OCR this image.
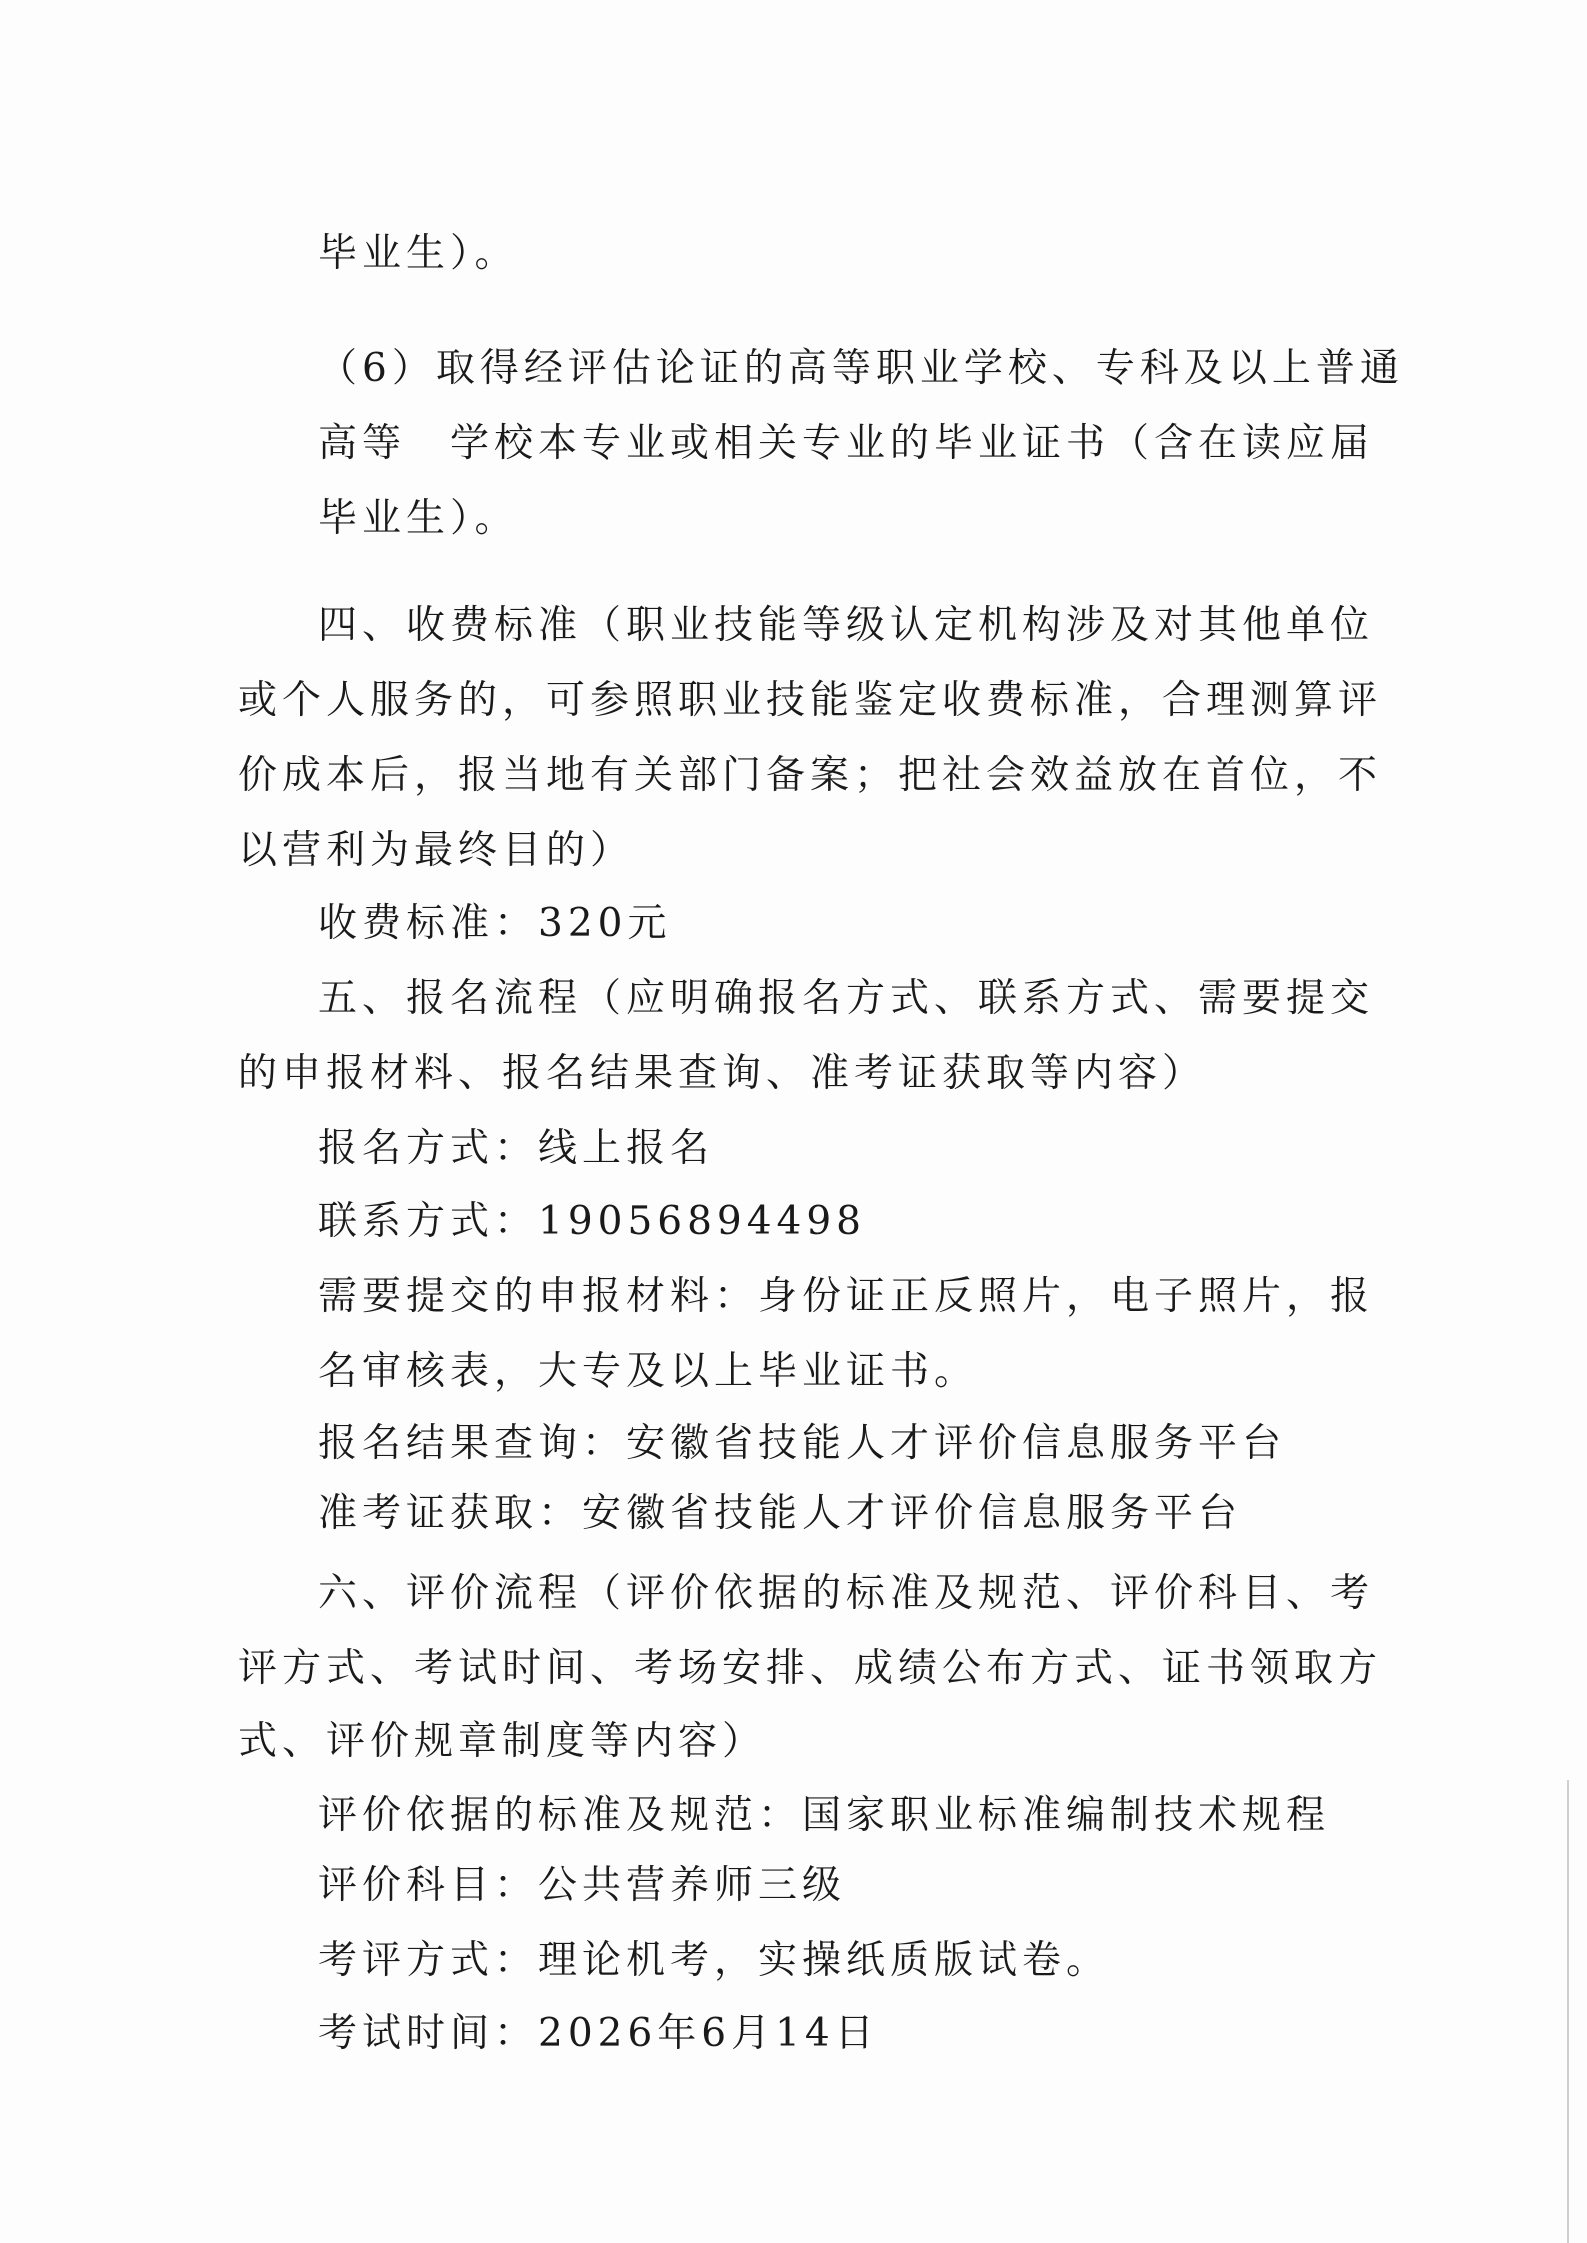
毕业生）。
（6）取得经评估论证的高等职业学校、专科及以上普通
高等　学校本专业或相关专业的毕业证书（含在读应届
毕业生）。
四、收费标准（职业技能等级认定机构涉及对其他单位
或个人服务的，可参照职业技能鉴定收费标准，合理测算评
价成本后，报当地有关部门备案；把社会效益放在首位，不
以营利为最终目的）
收费标准：320元
五、报名流程（应明确报名方式、联系方式、需要提交
的申报材料、报名结果查询、准考证获取等内容）
报名方式：线上报名
联系方式：19056894498
需要提交的申报材料：身份证正反照片，电子照片，报
名审核表，大专及以上毕业证书。
报名结果查询：安徽省技能人才评价信息服务平台
准考证获取：安徽省技能人才评价信息服务平台
六、评价流程（评价依据的标准及规范、评价科目、考
评方式、考试时间、考场安排、成绩公布方式、证书领取方
式、评价规章制度等内容）
评价依据的标准及规范：国家职业标准编制技术规程
评价科目：公共营养师三级
考评方式：理论机考，实操纸质版试卷。
考试时间：2026年6月14日
